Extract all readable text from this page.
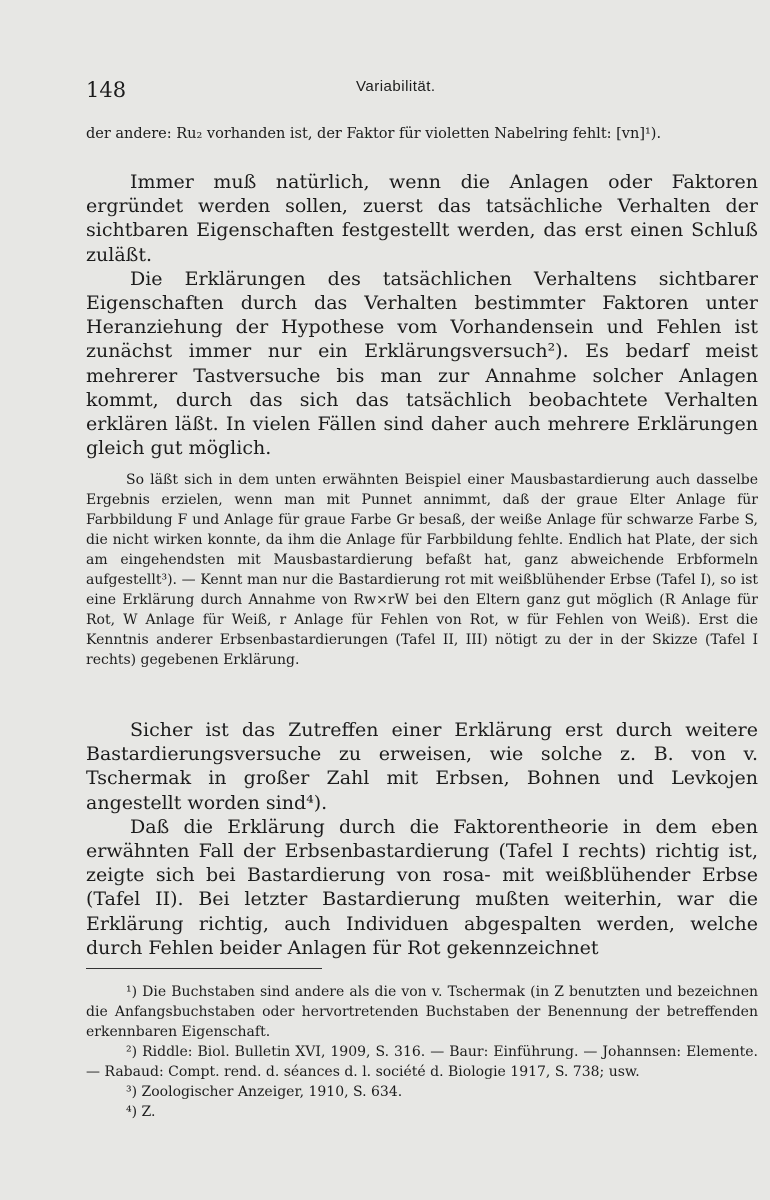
148	Variabilität.

der andere: Ru₂ vorhanden ist, der Faktor für violetten Nabelring fehlt: [vn]¹).

Immer muß natürlich, wenn die Anlagen oder Faktoren ergründet werden sollen, zuerst das tatsächliche Verhalten der sichtbaren Eigenschaften festgestellt werden, das erst einen Schluß zuläßt.

Die Erklärungen des tatsächlichen Verhaltens sichtbarer Eigenschaften durch das Verhalten bestimmter Faktoren unter Heranziehung der Hypothese vom Vorhandensein und Fehlen ist zunächst immer nur ein Erklärungsversuch²). Es bedarf meist mehrerer Tastversuche bis man zur Annahme solcher Anlagen kommt, durch das sich das tatsächlich beobachtete Verhalten erklären läßt. In vielen Fällen sind daher auch mehrere Erklärungen gleich gut möglich.

So läßt sich in dem unten erwähnten Beispiel einer Mausbastardierung auch dasselbe Ergebnis erzielen, wenn man mit Punnet annimmt, daß der graue Elter Anlage für Farbbildung F und Anlage für graue Farbe Gr besaß, der weiße Anlage für schwarze Farbe S, die nicht wirken konnte, da ihm die Anlage für Farbbildung fehlte. Endlich hat Plate, der sich am eingehendsten mit Mausbastardierung befaßt hat, ganz abweichende Erbformeln aufgestellt³). — Kennt man nur die Bastardierung rot mit weißblühender Erbse (Tafel I), so ist eine Erklärung durch Annahme von Rw×rW bei den Eltern ganz gut möglich (R Anlage für Rot, W Anlage für Weiß, r Anlage für Fehlen von Rot, w für Fehlen von Weiß). Erst die Kenntnis anderer Erbsenbastardierungen (Tafel II, III) nötigt zu der in der Skizze (Tafel I rechts) gegebenen Erklärung.

Sicher ist das Zutreffen einer Erklärung erst durch weitere Bastardierungsversuche zu erweisen, wie solche z. B. von v. Tschermak in großer Zahl mit Erbsen, Bohnen und Levkojen angestellt worden sind⁴).

Daß die Erklärung durch die Faktorentheorie in dem eben erwähnten Fall der Erbsenbastardierung (Tafel I rechts) richtig ist, zeigte sich bei Bastardierung von rosa- mit weißblühender Erbse (Tafel II). Bei letzter Bastardierung mußten weiterhin, war die Erklärung richtig, auch Individuen abgespalten werden, welche durch Fehlen beider Anlagen für Rot gekennzeichnet

¹) Die Buchstaben sind andere als die von v. Tschermak (in Z benutzten und bezeichnen die Anfangsbuchstaben oder hervortretenden Buchstaben der Benennung der betreffenden erkennbaren Eigenschaft.

²) Riddle: Biol. Bulletin XVI, 1909, S. 316. — Baur: Einführung. — Johannsen: Elemente. — Rabaud: Compt. rend. d. séances d. l. société d. Biologie 1917, S. 738; usw.

³) Zoologischer Anzeiger, 1910, S. 634.

⁴) Z.
